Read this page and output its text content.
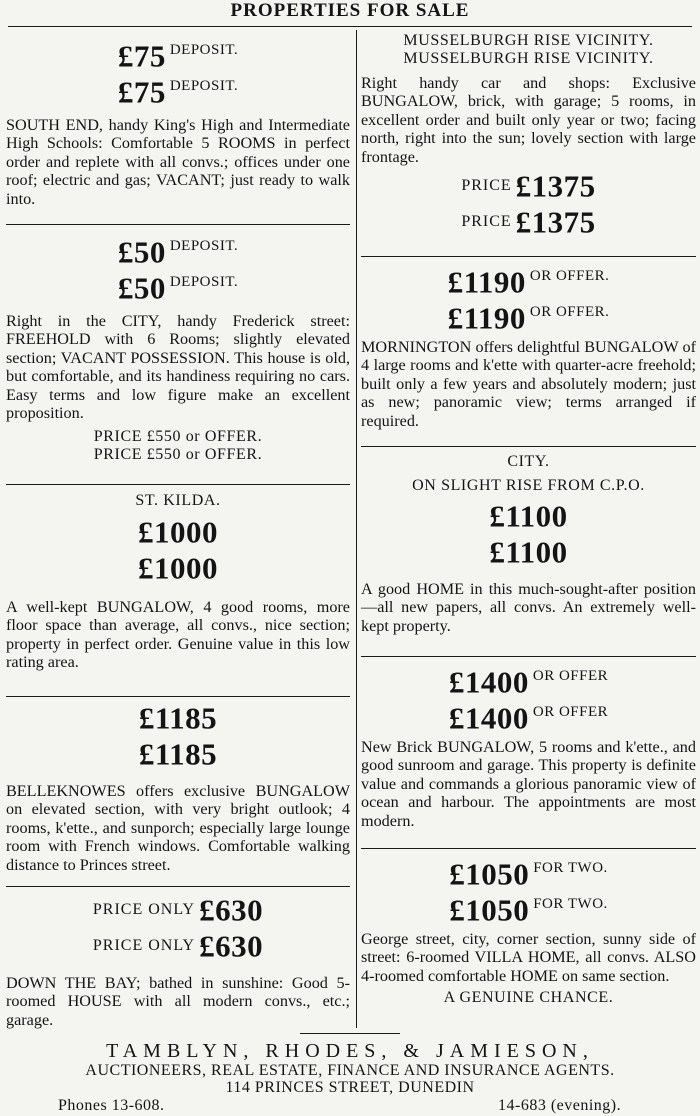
PROPERTIES FOR SALE
£75 DEPOSIT.
£75 DEPOSIT.
SOUTH END, handy King's High and Intermediate High Schools: Comfortable 5 ROOMS in perfect order and replete with all convs.; offices under one roof; electric and gas; VACANT; just ready to walk into.
£50 DEPOSIT.
£50 DEPOSIT.
Right in the CITY, handy Frederick street: FREEHOLD with 6 Rooms; slightly elevated section; VACANT POSSESSION. This house is old, but comfortable, and its handiness requiring no cars. Easy terms and low figure make an excellent proposition.
PRICE £550 or OFFER.
PRICE £550 or OFFER.
ST. KILDA.
£1000
£1000
A well-kept BUNGALOW, 4 good rooms, more floor space than average, all convs., nice section; property in perfect order. Genuine value in this low rating area.
£1185
£1185
BELLEKNOWES offers exclusive BUNGALOW on elevated section, with very bright outlook; 4 rooms, k'ette., and sunporch; especially large lounge room with French windows. Comfortable walking distance to Princes street.
PRICE ONLY £630
PRICE ONLY £630
DOWN THE BAY; bathed in sunshine: Good 5-roomed HOUSE with all modern convs., etc.; garage.
MUSSELBURGH RISE VICINITY.
MUSSELBURGH RISE VICINITY.
Right handy car and shops: Exclusive BUNGALOW, brick, with garage; 5 rooms, in excellent order and built only year or two; facing north, right into the sun; lovely section with large frontage.
PRICE £1375
PRICE £1375
£1190 OR OFFER.
£1190 OR OFFER.
MORNINGTON offers delightful BUNGALOW of 4 large rooms and k'ette with quarter-acre freehold; built only a few years and absolutely modern; just as new; panoramic view; terms arranged if required.
CITY.
ON SLIGHT RISE FROM C.P.O.
£1100
£1100
A good HOME in this much-sought-after position—all new papers, all convs. An extremely well-kept property.
£1400 OR OFFER
£1400 OR OFFER
New Brick BUNGALOW, 5 rooms and k'ette., and good sunroom and garage. This property is definite value and commands a glorious panoramic view of ocean and harbour. The appointments are most modern.
£1050 FOR TWO.
£1050 FOR TWO.
George street, city, corner section, sunny side of street: 6-roomed VILLA HOME, all convs. ALSO 4-roomed comfortable HOME on same section.
A GENUINE CHANCE.
TAMBLYN, RHODES, & JAMIESON,
AUCTIONEERS, REAL ESTATE, FINANCE AND INSURANCE AGENTS.
114 PRINCES STREET, DUNEDIN
Phones 13-608.	14-683 (evening).
